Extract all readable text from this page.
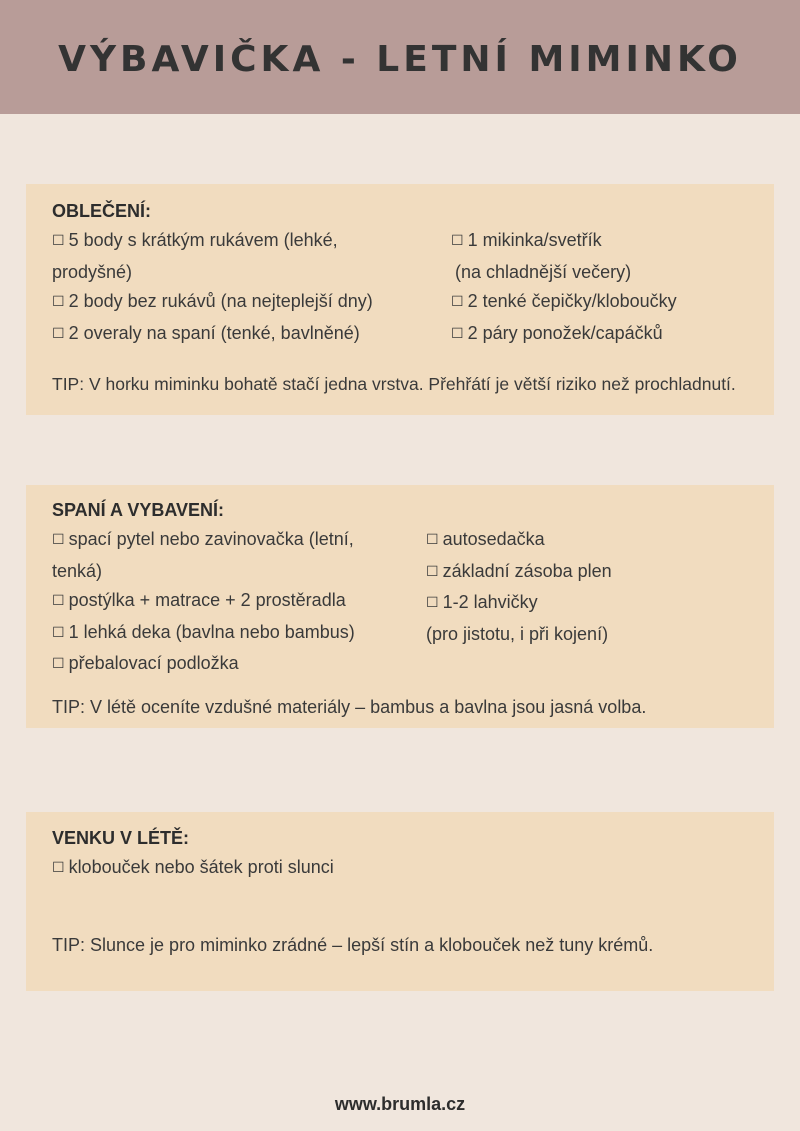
VÝBAVIČKA - LETNÍ MIMINKO
OBLEČENÍ:
☐ 5 body s krátkým rukávem (lehké,
prodyšné)
☐ 2 body bez rukávů (na nejteplejší dny)
☐ 2 overaly na spaní (tenké, bavlněné)
☐ 1 mikinka/svetřík
(na chladnější večery)
☐ 2 tenké čepičky/kloboučky
☐ 2 páry ponožek/capáčků
TIP: V horku miminku bohatě stačí jedna vrstva. Přehřátí je větší riziko než prochladnutí.
SPANÍ A VYBAVENÍ:
☐ spací pytel nebo zavinovačka (letní,
tenká)
☐ postýlka + matrace + 2 prostěradla
☐ 1 lehká deka (bavlna nebo bambus)
☐ přebalovací podložka
☐ autosedačka
☐ základní zásoba plen
☐ 1-2 lahvičky
(pro jistotu, i při kojení)
TIP: V létě oceníte vzdušné materiály – bambus a bavlna jsou jasná volba.
VENKU V LÉTĚ:
☐ klobouček nebo šátek proti slunci
TIP: Slunce je pro miminko zrádné – lepší stín a klobouček než tuny krémů.
www.brumla.cz
